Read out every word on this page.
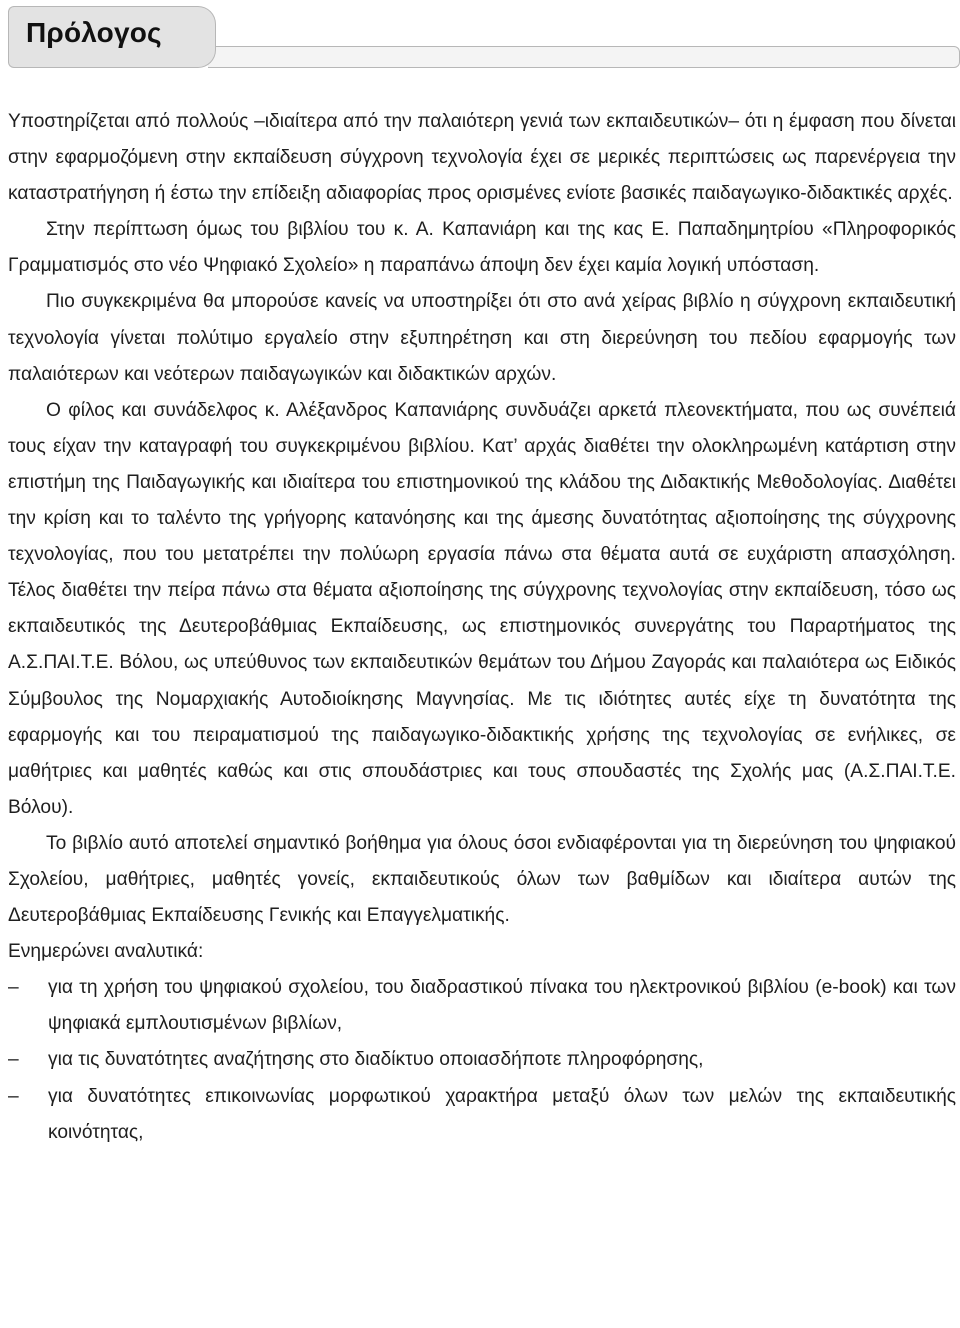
Πρόλογος

Υποστηρίζεται από πολλούς –ιδιαίτερα από την παλαιότερη γενιά των εκπαιδευτικών– ότι η έμφαση που δίνεται στην εφαρμοζόμενη στην εκπαίδευση σύγχρονη τεχνολογία έχει σε μερικές περιπτώσεις ως παρενέργεια την καταστρατήγηση ή έστω την επίδειξη αδιαφορίας προς ορισμένες ενίοτε βασικές παιδαγωγικο-διδακτικές αρχές.

Στην περίπτωση όμως του βιβλίου του κ. Α. Καπανιάρη και της κας Ε. Παπαδημητρίου «Πληροφορικός Γραμματισμός στο νέο Ψηφιακό Σχολείο» η παραπάνω άποψη δεν έχει καμία λογική υπόσταση.

Πιο συγκεκριμένα θα μπορούσε κανείς να υποστηρίξει ότι στο ανά χείρας βιβλίο η σύγχρονη εκπαιδευτική τεχνολογία γίνεται πολύτιμο εργαλείο στην εξυπηρέτηση και στη διερεύνηση του πεδίου εφαρμογής των παλαιότερων και νεότερων παιδαγωγικών και διδακτικών αρχών.

Ο φίλος και συνάδελφος κ. Αλέξανδρος Καπανιάρης συνδυάζει αρκετά πλεονεκτήματα, που ως συνέπειά τους είχαν την καταγραφή του συγκεκριμένου βιβλίου. Κατ’ αρχάς διαθέτει την ολοκληρωμένη κατάρτιση στην επιστήμη της Παιδαγωγικής και ιδιαίτερα του επιστημονικού της κλάδου της Διδακτικής Μεθοδολογίας. Διαθέτει την κρίση και το ταλέντο της γρήγορης κατανόησης και της άμεσης δυνατότητας αξιοποίησης της σύγχρονης τεχνολογίας, που του μετατρέπει την πολύωρη εργασία πάνω στα θέματα αυτά σε ευχάριστη απασχόληση. Τέλος διαθέτει την πείρα πάνω στα θέματα αξιοποίησης της σύγχρονης τεχνολογίας στην εκπαίδευση, τόσο ως εκπαιδευτικός της Δευτεροβάθμιας Εκπαίδευσης, ως επιστημονικός συνεργάτης του Παραρτήματος της Α.Σ.ΠΑΙ.Τ.Ε. Βόλου, ως υπεύθυνος των εκπαιδευτικών θεμάτων του Δήμου Ζαγοράς και παλαιότερα ως Ειδικός Σύμβουλος της Νομαρχιακής Αυτοδιοίκησης Μαγνησίας. Με τις ιδιότητες αυτές είχε τη δυνατότητα της εφαρμογής και του πειραματισμού της παιδαγωγικο-διδακτικής χρήσης της τεχνολογίας σε ενήλικες, σε μαθήτριες και μαθητές καθώς και στις σπουδάστριες και τους σπουδαστές της Σχολής μας (Α.Σ.ΠΑΙ.Τ.Ε. Βόλου).

Το βιβλίο αυτό αποτελεί σημαντικό βοήθημα για όλους όσοι ενδιαφέρονται για τη διερεύνηση του ψηφιακού Σχολείου, μαθήτριες, μαθητές γονείς, εκπαιδευτικούς όλων των βαθμίδων και ιδιαίτερα αυτών της Δευτεροβάθμιας Εκπαίδευσης Γενικής και Επαγγελματικής.

Ενημερώνει αναλυτικά:

– για τη χρήση του ψηφιακού σχολείου, του διαδραστικού πίνακα του ηλεκτρονικού βιβλίου (e-book) και των ψηφιακά εμπλουτισμένων βιβλίων,
– για τις δυνατότητες αναζήτησης στο διαδίκτυο οποιασδήποτε πληροφόρησης,
– για δυνατότητες επικοινωνίας μορφωτικού χαρακτήρα μεταξύ όλων των μελών της εκπαιδευτικής κοινότητας,
